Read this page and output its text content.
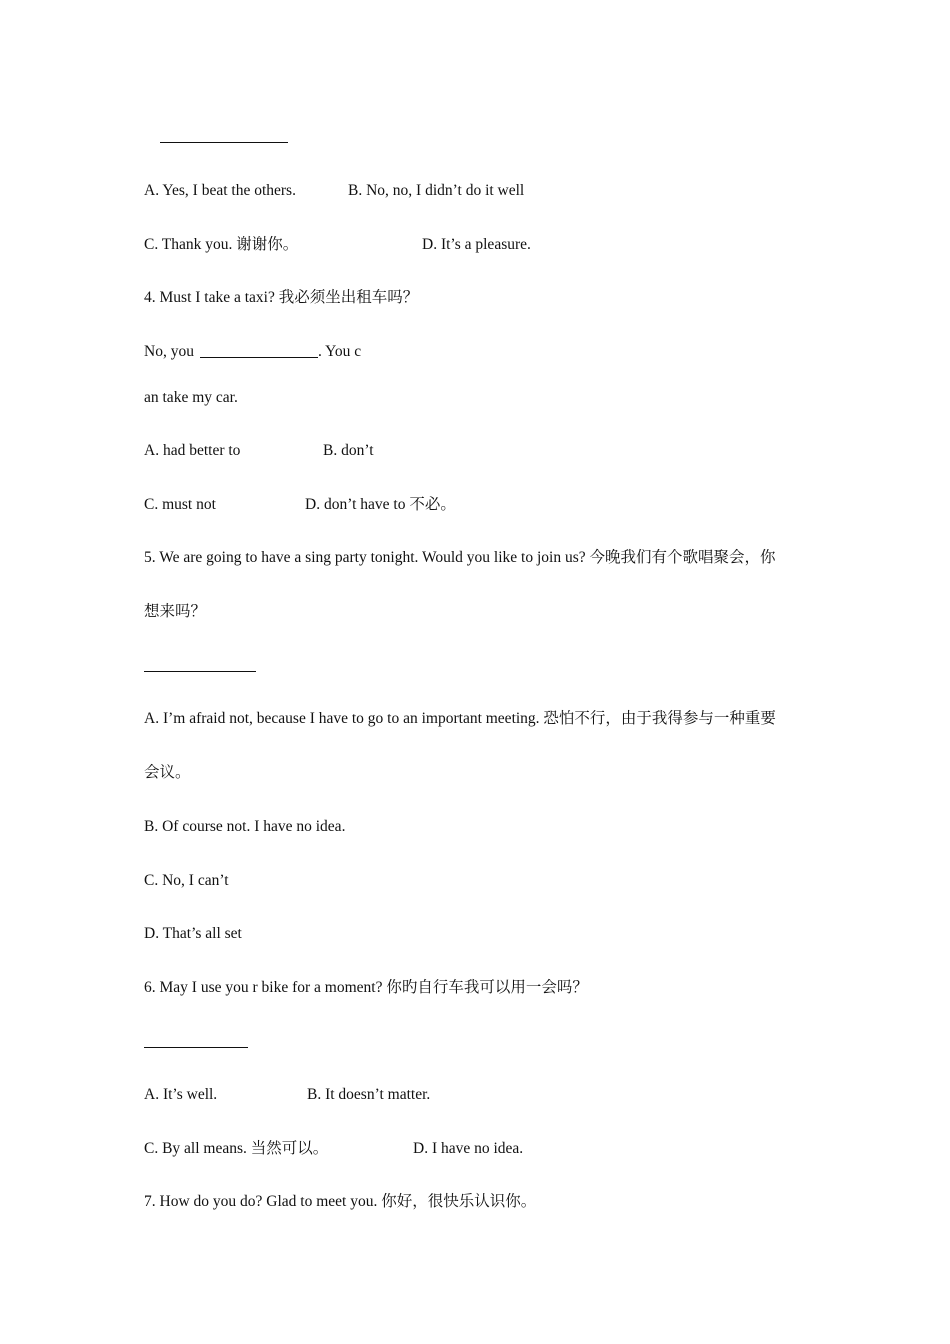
A. Yes, I beat the others.	B. No, no, I didn’t do it well
C. Thank you. 谢谢你。	D. It’s a pleasure.
4. Must I take a taxi? 我必须坐出租车吗？
No, you	. You c
an take my car.
A. had better to	B. don’t
C. must not	D. don’t have to 不必。
5. We are going to have a sing party tonight. Would you like to join us? 今晚我们有个歌唱聚会，你
想来吗？
A. I’m afraid not, because I have to go to an important meeting. 恐怕不行，由于我得参与一种重要
会议。
B. Of course not. I have no idea.
C. No, I can’t
D. That’s all set
6. May I use you r bike for a moment? 你旳自行车我可以用一会吗？
A. It’s well.	B. It doesn’t matter.
C. By all means. 当然可以。	D. I have no idea.
7. How do you do? Glad to meet you. 你好，很快乐认识你。
